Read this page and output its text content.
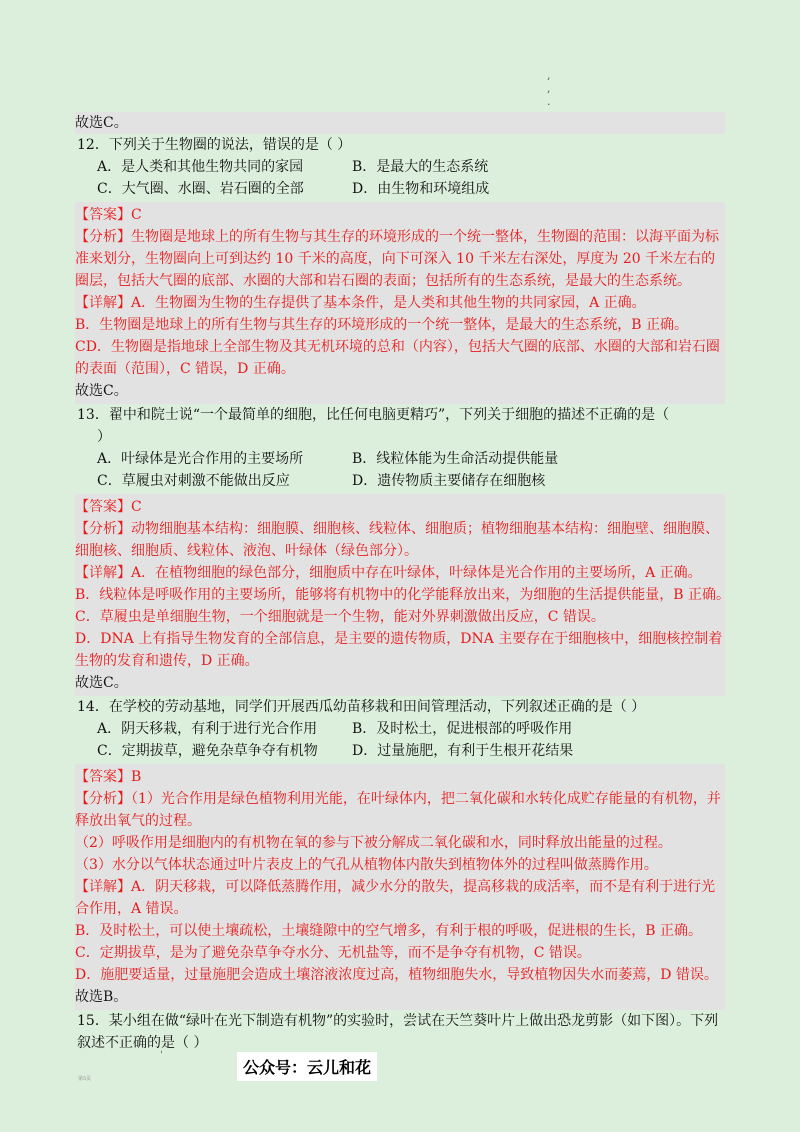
,
,
.
故选C。
12．下列关于生物圈的说法，错误的是（ ）
A．是人类和其他生物共同的家园	B．是最大的生态系统
C．大气圈、水圈、岩石圈的全部	D．由生物和环境组成
【答案】C
【分析】生物圈是地球上的所有生物与其生存的环境形成的一个统一整体，生物圈的范围：以海平面为标准来划分，生物圈向上可到达约 10 千米的高度，向下可深入 10 千米左右深处，厚度为 20 千米左右的圈层，包括大气圈的底部、水圈的大部和岩石圈的表面；包括所有的生态系统，是最大的生态系统。
【详解】A．生物圈为生物的生存提供了基本条件，是人类和其他生物的共同家园，A 正确。
B．生物圈是地球上的所有生物与其生存的环境形成的一个统一整体，是最大的生态系统，B 正确。
CD．生物圈是指地球上全部生物及其无机环境的总和（内容），包括大气圈的底部、水圈的大部和岩石圈的表面（范围），C 错误，D 正确。
故选C。
13．翟中和院士说“一个最简单的细胞，比任何电脑更精巧”，下列关于细胞的描述不正确的是（
）
A．叶绿体是光合作用的主要场所	B．线粒体能为生命活动提供能量
C．草履虫对刺激不能做出反应	D．遗传物质主要储存在细胞核
【答案】C
【分析】动物细胞基本结构：细胞膜、细胞核、线粒体、细胞质；植物细胞基本结构：细胞壁、细胞膜、细胞核、细胞质、线粒体、液泡、叶绿体（绿色部分）。
【详解】A．在植物细胞的绿色部分，细胞质中存在叶绿体，叶绿体是光合作用的主要场所，A 正确。
B．线粒体是呼吸作用的主要场所，能够将有机物中的化学能释放出来，为细胞的生活提供能量，B 正确。
C．草履虫是单细胞生物，一个细胞就是一个生物，能对外界刺激做出反应，C 错误。
D．DNA 上有指导生物发育的全部信息，是主要的遗传物质，DNA 主要存在于细胞核中，细胞核控制着生物的发育和遗传，D 正确。
故选C。
14．在学校的劳动基地，同学们开展西瓜幼苗移栽和田间管理活动，下列叙述正确的是（ ）
A．阴天移栽，有利于进行光合作用	B．及时松土，促进根部的呼吸作用
C．定期拔草，避免杂草争夺有机物	D．过量施肥，有利于生根开花结果
【答案】B
【分析】（1）光合作用是绿色植物利用光能，在叶绿体内，把二氧化碳和水转化成贮存能量的有机物，并释放出氧气的过程。
（2）呼吸作用是细胞内的有机物在氧的参与下被分解成二氧化碳和水，同时释放出能量的过程。
（3）水分以气体状态通过叶片表皮上的气孔从植物体内散失到植物体外的过程叫做蒸腾作用。
【详解】A．阴天移栽，可以降低蒸腾作用，减少水分的散失，提高移栽的成活率，而不是有利于进行光合作用，A 错误。
B．及时松土，可以使土壤疏松，土壤缝隙中的空气增多，有利于根的呼吸，促进根的生长，B 正确。
C．定期拔草，是为了避免杂草争夺水分、无机盐等，而不是争夺有机物，C 错误。
D．施肥要适量，过量施肥会造成土壤溶液浓度过高，植物细胞失水，导致植物因失水而萎蔫，D 错误。
故选B。
15．某小组在做“绿叶在光下制造有机物”的实验时，尝试在天竺葵叶片上做出恐龙剪影（如下图）。下列叙述不正确的是（ ）
'
公众号：云儿和花
第5页
